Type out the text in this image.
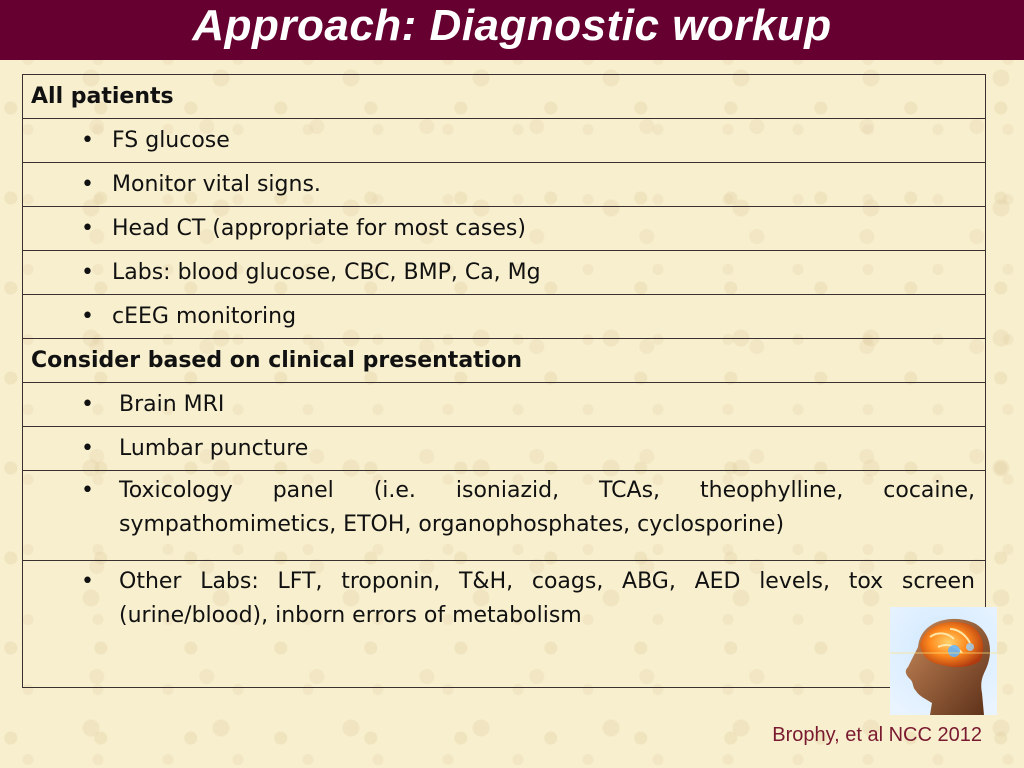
Approach: Diagnostic workup
All patients

• FS glucose

• Monitor vital signs.

• Head CT (appropriate for most cases)

• Labs: blood glucose, CBC, BMP, Ca, Mg

• cEEG monitoring

Consider based on clinical presentation

• Brain MRI

• Lumbar puncture

• Toxicology panel (i.e. isoniazid, TCAs, theophylline, cocaine, sympathomimetics, ETOH, organophosphates, cyclosporine)

• Other Labs: LFT, troponin, T&H, coags, ABG, AED levels, tox screen (urine/blood), inborn errors of metabolism
Brophy, et al NCC 2012
